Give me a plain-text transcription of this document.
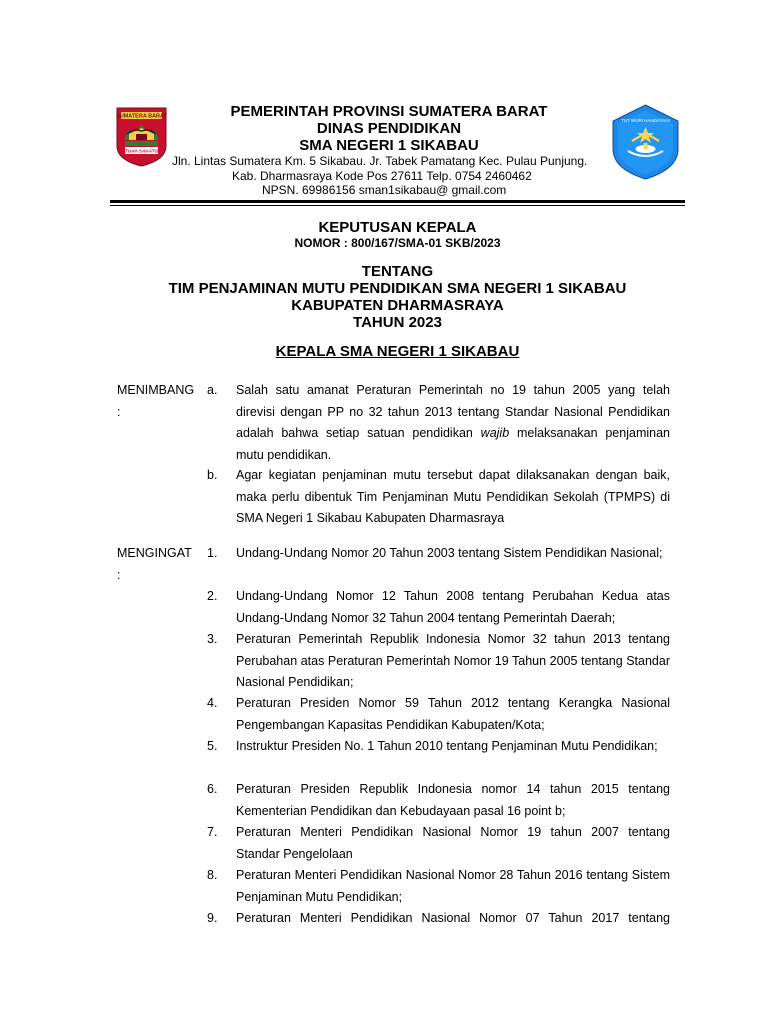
SUMATERA BARAT
TUAH SAKATO
TUT WURI HANDAYANI
PEMERINTAH PROVINSI SUMATERA BARAT
DINAS PENDIDIKAN
SMA NEGERI 1 SIKABAU
Jln. Lintas Sumatera Km. 5 Sikabau. Jr. Tabek Pamatang Kec. Pulau Punjung.
Kab. Dharmasraya Kode Pos 27611 Telp. 0754 2460462
NPSN. 69986156 sman1sikabau@ gmail.com
KEPUTUSAN KEPALA
NOMOR : 800/167/SMA-01 SKB/2023
TENTANG
TIM PENJAMINAN MUTU PENDIDIKAN SMA NEGERI 1 SIKABAU
KABUPATEN DHARMASRAYA
TAHUN 2023
KEPALA SMA NEGERI 1 SIKABAU
MENIMBANG
:
a. Salah satu amanat Peraturan Pemerintah no 19 tahun 2005 yang telah direvisi dengan PP no 32 tahun 2013 tentang Standar Nasional Pendidikan adalah bahwa setiap satuan pendidikan wajib melaksanakan penjaminan mutu pendidikan.
b. Agar kegiatan penjaminan mutu tersebut dapat dilaksanakan dengan baik, maka perlu dibentuk Tim Penjaminan Mutu Pendidikan Sekolah (TPMPS) di SMA Negeri 1 Sikabau Kabupaten Dharmasraya
MENGINGAT
:
1. Undang-Undang Nomor 20 Tahun 2003 tentang Sistem Pendidikan Nasional;
2. Undang-Undang Nomor 12 Tahun 2008 tentang Perubahan Kedua atas Undang-Undang Nomor 32 Tahun 2004 tentang Pemerintah Daerah;
3. Peraturan Pemerintah Republik Indonesia Nomor 32 tahun 2013 tentang Perubahan atas Peraturan Pemerintah Nomor 19 Tahun 2005 tentang Standar Nasional Pendidikan;
4. Peraturan Presiden Nomor 59 Tahun 2012 tentang Kerangka Nasional Pengembangan Kapasitas Pendidikan Kabupaten/Kota;
5. Instruktur Presiden No. 1 Tahun 2010 tentang Penjaminan Mutu Pendidikan;
6. Peraturan Presiden Republik Indonesia nomor 14 tahun 2015 tentang Kementerian Pendidikan dan Kebudayaan pasal 16 point b;
7. Peraturan Menteri Pendidikan Nasional Nomor 19 tahun 2007 tentang Standar Pengelolaan
8. Peraturan Menteri Pendidikan Nasional Nomor 28 Tahun 2016 tentang Sistem Penjaminan Mutu Pendidikan;
9. Peraturan Menteri Pendidikan Nasional Nomor 07 Tahun 2017 tentang
